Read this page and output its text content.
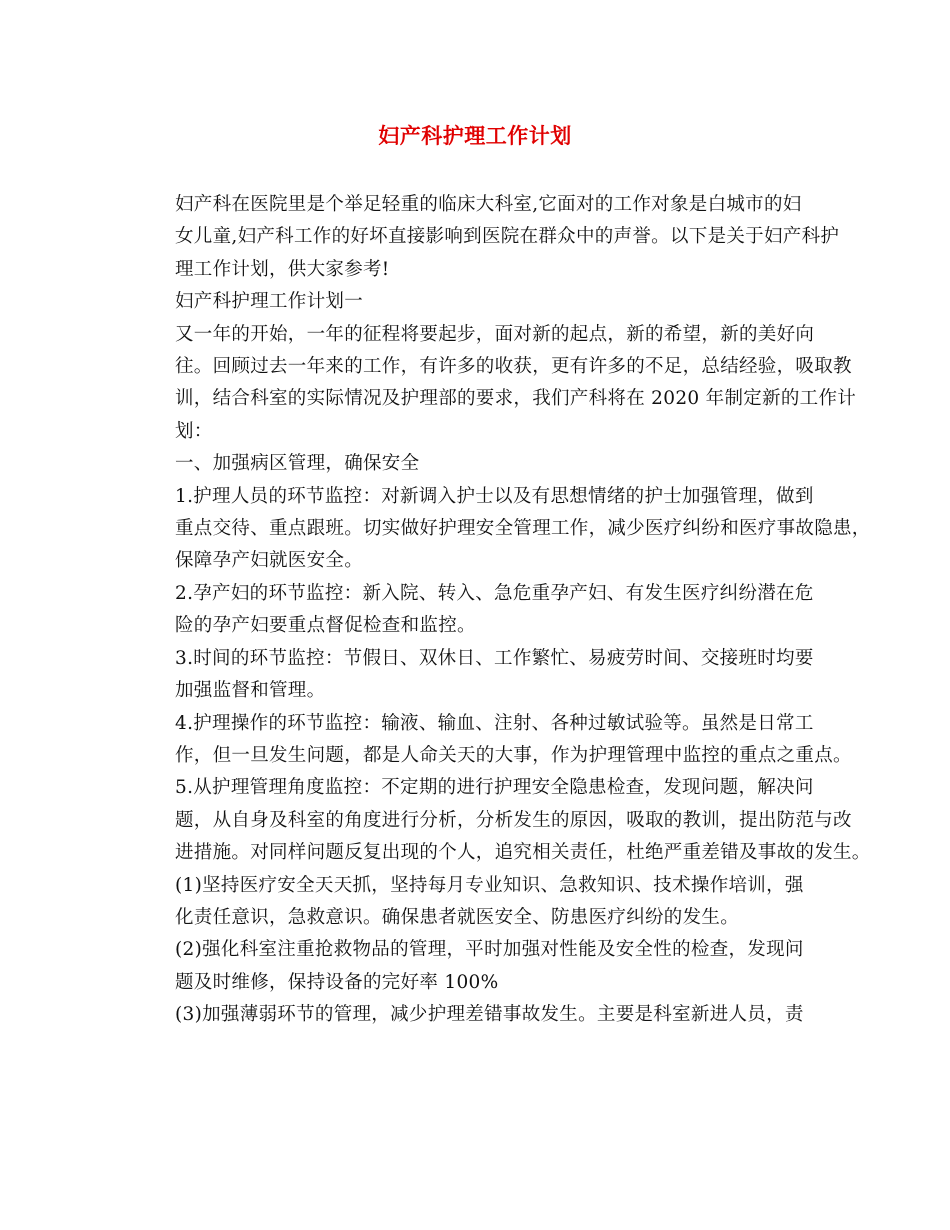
妇产科护理工作计划

妇产科在医院里是个举足轻重的临床大科室,它面对的工作对象是白城市的妇
女儿童,妇产科工作的好坏直接影响到医院在群众中的声誉。以下是关于妇产科护
理工作计划，供大家参考!

妇产科护理工作计划一

又一年的开始，一年的征程将要起步，面对新的起点，新的希望，新的美好向
往。回顾过去一年来的工作，有许多的收获，更有许多的不足，总结经验，吸取教
训，结合科室的实际情况及护理部的要求，我们产科将在 2020 年制定新的工作计
划：

一、加强病区管理，确保安全

1.护理人员的环节监控：对新调入护士以及有思想情绪的护士加强管理，做到
重点交待、重点跟班。切实做好护理安全管理工作，减少医疗纠纷和医疗事故隐患，
保障孕产妇就医安全。

2.孕产妇的环节监控：新入院、转入、急危重孕产妇、有发生医疗纠纷潜在危
险的孕产妇要重点督促检查和监控。

3.时间的环节监控：节假日、双休日、工作繁忙、易疲劳时间、交接班时均要
加强监督和管理。

4.护理操作的环节监控：输液、输血、注射、各种过敏试验等。虽然是日常工
作，但一旦发生问题，都是人命关天的大事，作为护理管理中监控的重点之重点。

5.从护理管理角度监控：不定期的进行护理安全隐患检查，发现问题，解决问
题，从自身及科室的角度进行分析，分析发生的原因，吸取的教训，提出防范与改
进措施。对同样问题反复出现的个人，追究相关责任，杜绝严重差错及事故的发生。

(1)坚持医疗安全天天抓，坚持每月专业知识、急救知识、技术操作培训，强
化责任意识，急救意识。确保患者就医安全、防患医疗纠纷的发生。

(2)强化科室注重抢救物品的管理，平时加强对性能及安全性的检查，发现问
题及时维修，保持设备的完好率 100%

(3)加强薄弱环节的管理，减少护理差错事故发生。主要是科室新进人员，责
